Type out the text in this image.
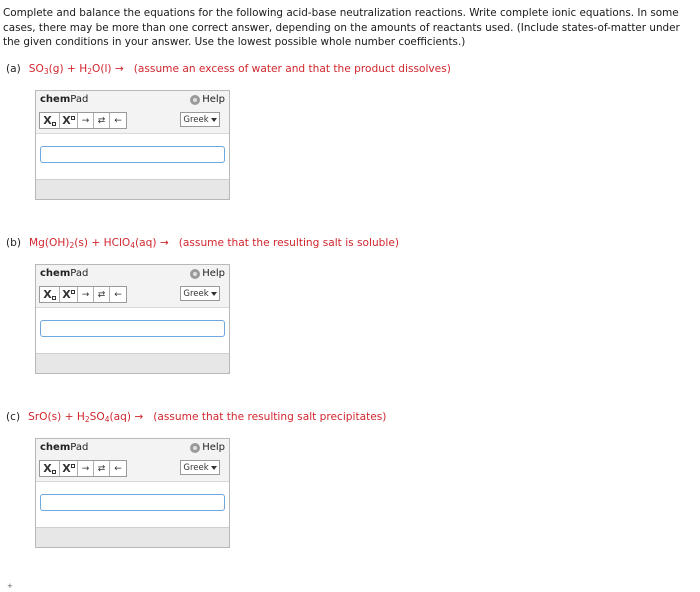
Complete and balance the equations for the following acid-base neutralization reactions. Write complete ionic equations. In some cases, there may be more than one correct answer, depending on the amounts of reactants used. (Include states-of-matter under the given conditions in your answer. Use the lowest possible whole number coefficients.)
(a) $SO_3(g) + H_2O(l)$ → (assume an excess of water and that the product dissolves)
chemPad	Help
X X	→ ⇄ ←	Greek
(b) $Mg(OH)_2(s)$ + HClO$_4$(aq) → (assume that the resulting salt is soluble)
chemPad	Help
X X	→ ⇄ ←	Greek
(c) $SrO(s) + H_2SO_4(aq)$ → (assume that the resulting salt precipitates)
chemPad	Help
X X	→ ⇄ ←	Greek
+
